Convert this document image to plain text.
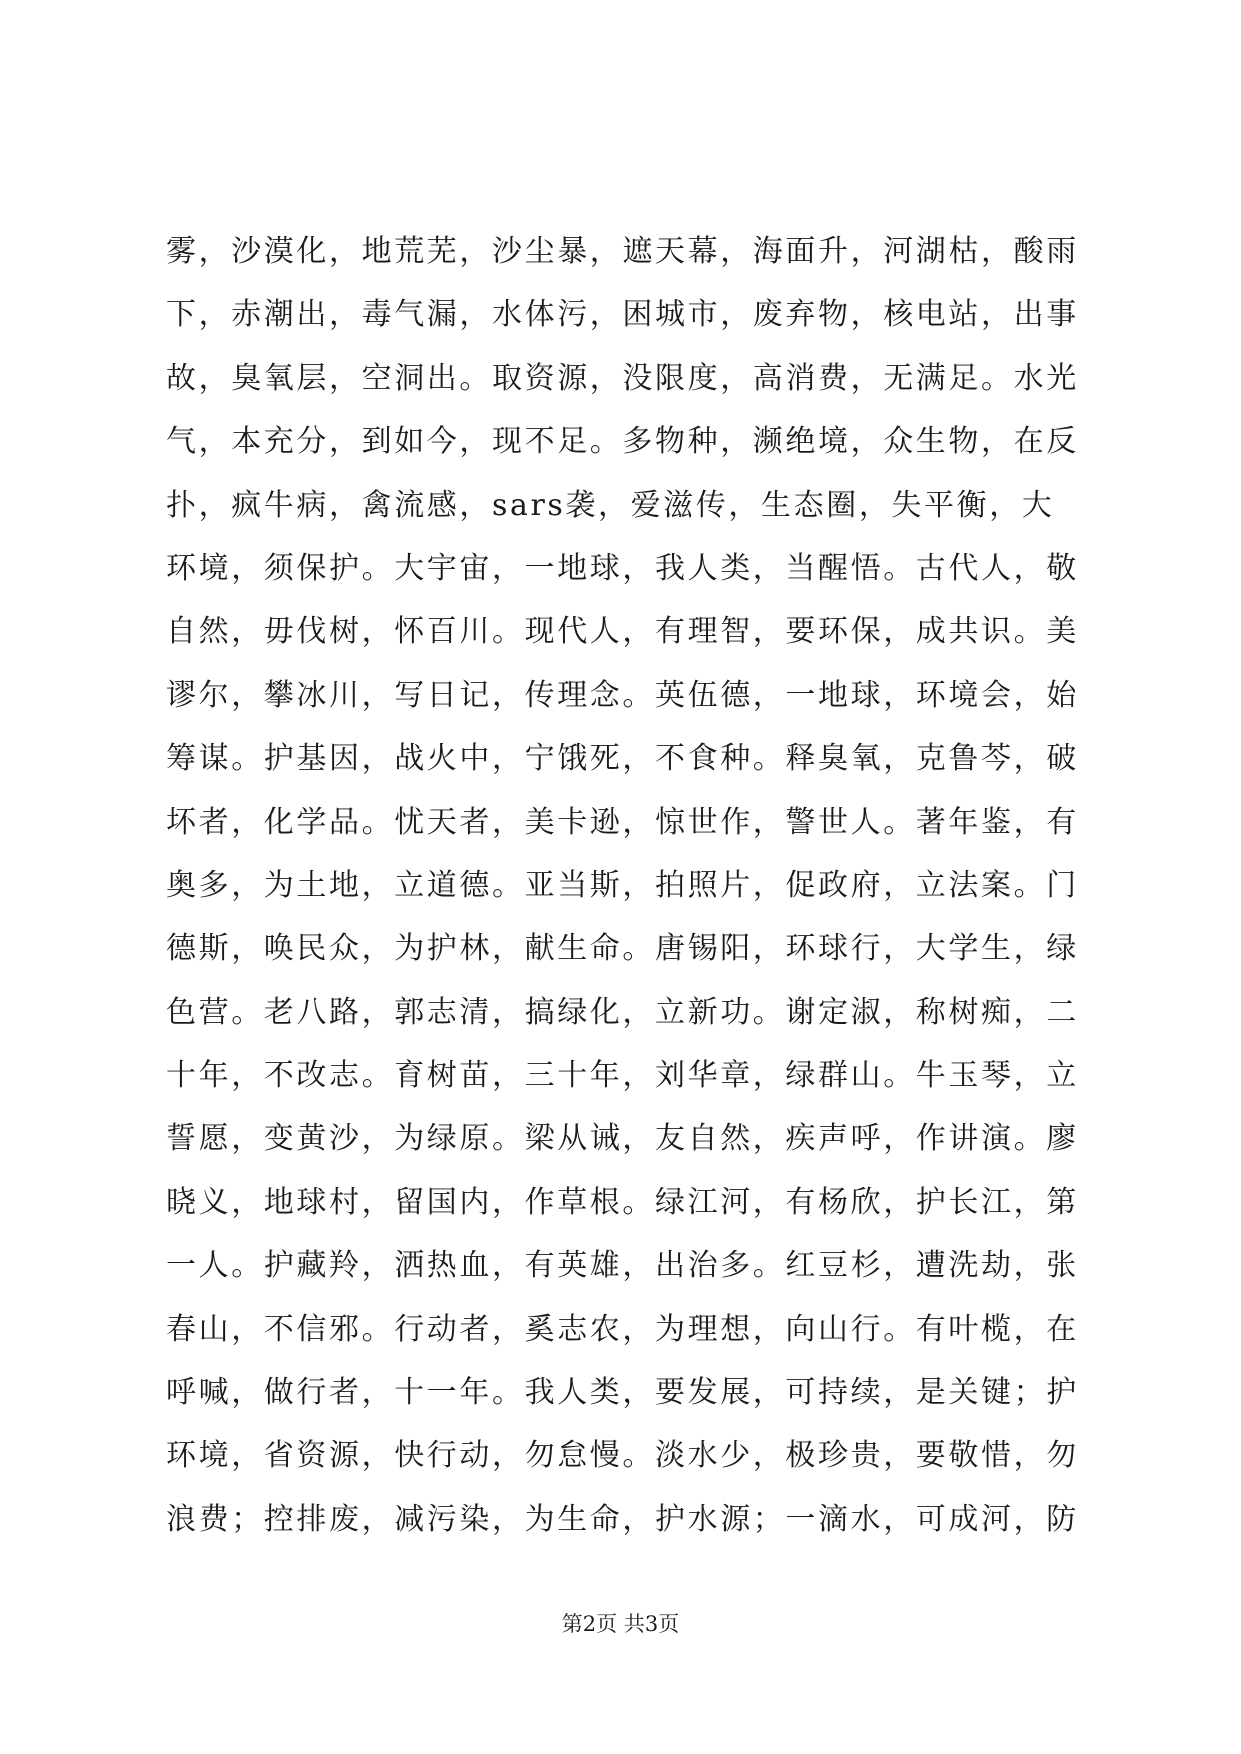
雾，沙漠化，地荒芜，沙尘暴，遮天幕，海面升，河湖枯，酸雨
下，赤潮出，毒气漏，水体污，困城市，废弃物，核电站，出事
故，臭氧层，空洞出。取资源，没限度，高消费，无满足。水光
气，本充分，到如今，现不足。多物种，濒绝境，众生物，在反
扑，疯牛病，禽流感，sars袭，爱滋传，生态圈，失平衡，大
环境，须保护。大宇宙，一地球，我人类，当醒悟。古代人，敬
自然，毋伐树，怀百川。现代人，有理智，要环保，成共识。美
谬尔，攀冰川，写日记，传理念。英伍德，一地球，环境会，始
筹谋。护基因，战火中，宁饿死，不食种。释臭氧，克鲁芩，破
坏者，化学品。忧天者，美卡逊，惊世作，警世人。著年鉴，有
奥多，为土地，立道德。亚当斯，拍照片，促政府，立法案。门
德斯，唤民众，为护林，献生命。唐锡阳，环球行，大学生，绿
色营。老八路，郭志清，搞绿化，立新功。谢定淑，称树痴，二
十年，不改志。育树苗，三十年，刘华章，绿群山。牛玉琴，立
誓愿，变黄沙，为绿原。梁从诫，友自然，疾声呼，作讲演。廖
晓义，地球村，留国内，作草根。绿江河，有杨欣，护长江，第
一人。护藏羚，洒热血，有英雄，出治多。红豆杉，遭洗劫，张
春山，不信邪。行动者，奚志农，为理想，向山行。有叶榄，在
呼喊，做行者，十一年。我人类，要发展，可持续，是关键；护
环境，省资源，快行动，勿怠慢。淡水少，极珍贵，要敬惜，勿
浪费；控排废，减污染，为生命，护水源；一滴水，可成河，防
第2页 共3页
